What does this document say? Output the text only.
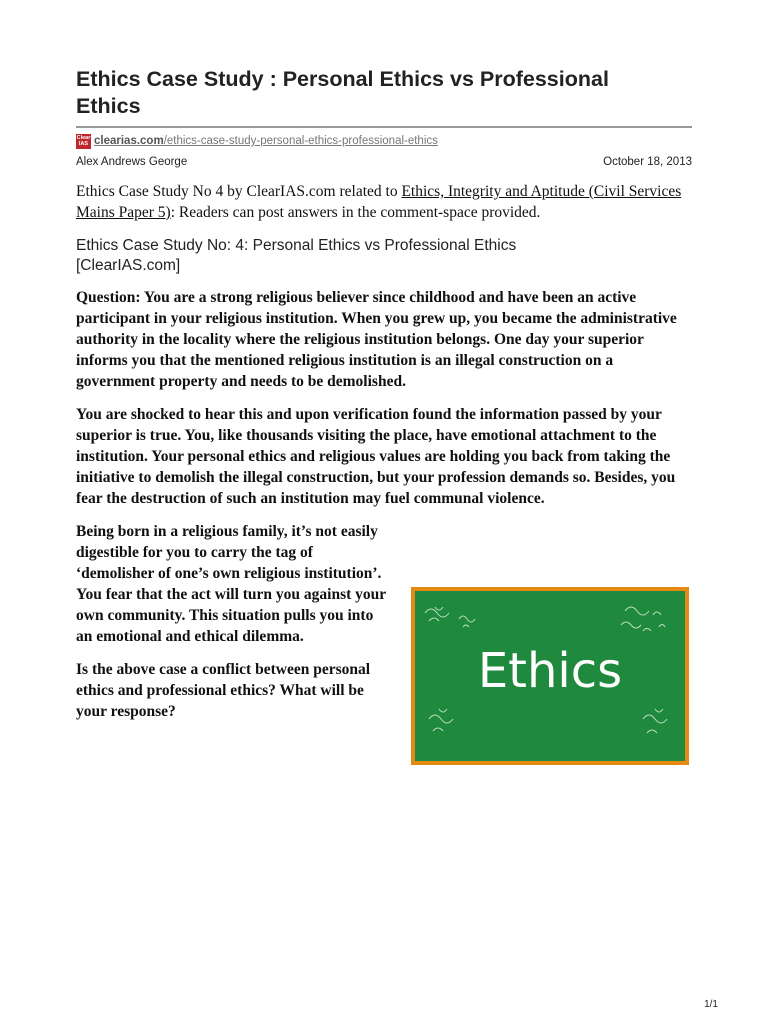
Ethics Case Study : Personal Ethics vs Professional Ethics
Clear
IAS clearias.com/ethics-case-study-personal-ethics-professional-ethics
Alex Andrews George	October 18, 2013
Ethics Case Study No 4 by ClearIAS.com related to Ethics, Integrity and Aptitude (Civil Services Mains Paper 5): Readers can post answers in the comment-space provided.
Ethics Case Study No: 4: Personal Ethics vs Professional Ethics [ClearIAS.com]

Question: You are a strong religious believer since childhood and have been an active participant in your religious institution. When you grew up, you became the administrative authority in the locality where the religious institution belongs. One day your superior informs you that the mentioned religious institution is an illegal construction on a government property and needs to be demolished.

You are shocked to hear this and upon verification found the information passed by your superior is true. You, like thousands visiting the place, have emotional attachment to the institution. Your personal ethics and religious values are holding you back from taking the initiative to demolish the illegal construction, but your profession demands so. Besides, you fear the destruction of such an institution may fuel communal violence.

Being born in a religious family, it’s not easily digestible for you to carry the tag of ‘demolisher of one’s own religious institution’. You fear that the act will turn you against your own community. This situation pulls you into an emotional and ethical dilemma.

Is the above case a conflict between personal ethics and professional ethics? What will be your response?

Ethics
1/1
